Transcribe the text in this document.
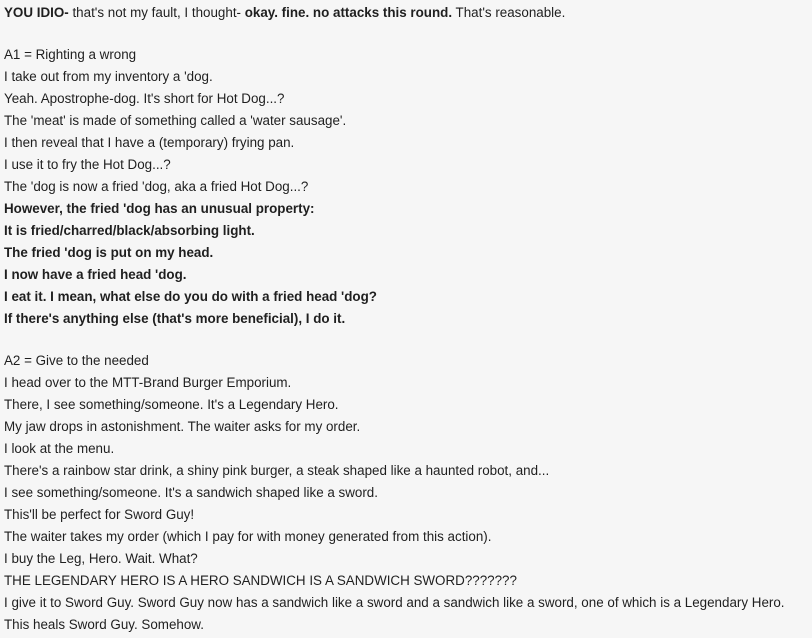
YOU IDIO- that's not my fault, I thought- okay. fine. no attacks this round. That's reasonable.
A1 = Righting a wrong
I take out from my inventory a 'dog.
Yeah. Apostrophe-dog. It's short for Hot Dog...?
The 'meat' is made of something called a 'water sausage'.
I then reveal that I have a (temporary) frying pan.
I use it to fry the Hot Dog...?
The 'dog is now a fried 'dog, aka a fried Hot Dog...?
However, the fried 'dog has an unusual property:
It is fried/charred/black/absorbing light.
The fried 'dog is put on my head.
I now have a fried head 'dog.
I eat it. I mean, what else do you do with a fried head 'dog?
If there's anything else (that's more beneficial), I do it.
A2 = Give to the needed
I head over to the MTT-Brand Burger Emporium.
There, I see something/someone. It's a Legendary Hero.
My jaw drops in astonishment. The waiter asks for my order.
I look at the menu.
There's a rainbow star drink, a shiny pink burger, a steak shaped like a haunted robot, and...
I see something/someone. It's a sandwich shaped like a sword.
This'll be perfect for Sword Guy!
The waiter takes my order (which I pay for with money generated from this action).
I buy the Leg, Hero. Wait. What?
THE LEGENDARY HERO IS A HERO SANDWICH IS A SANDWICH SWORD???????
I give it to Sword Guy. Sword Guy now has a sandwich like a sword and a sandwich like a sword, one of which is a Legendary Hero.
This heals Sword Guy. Somehow.
